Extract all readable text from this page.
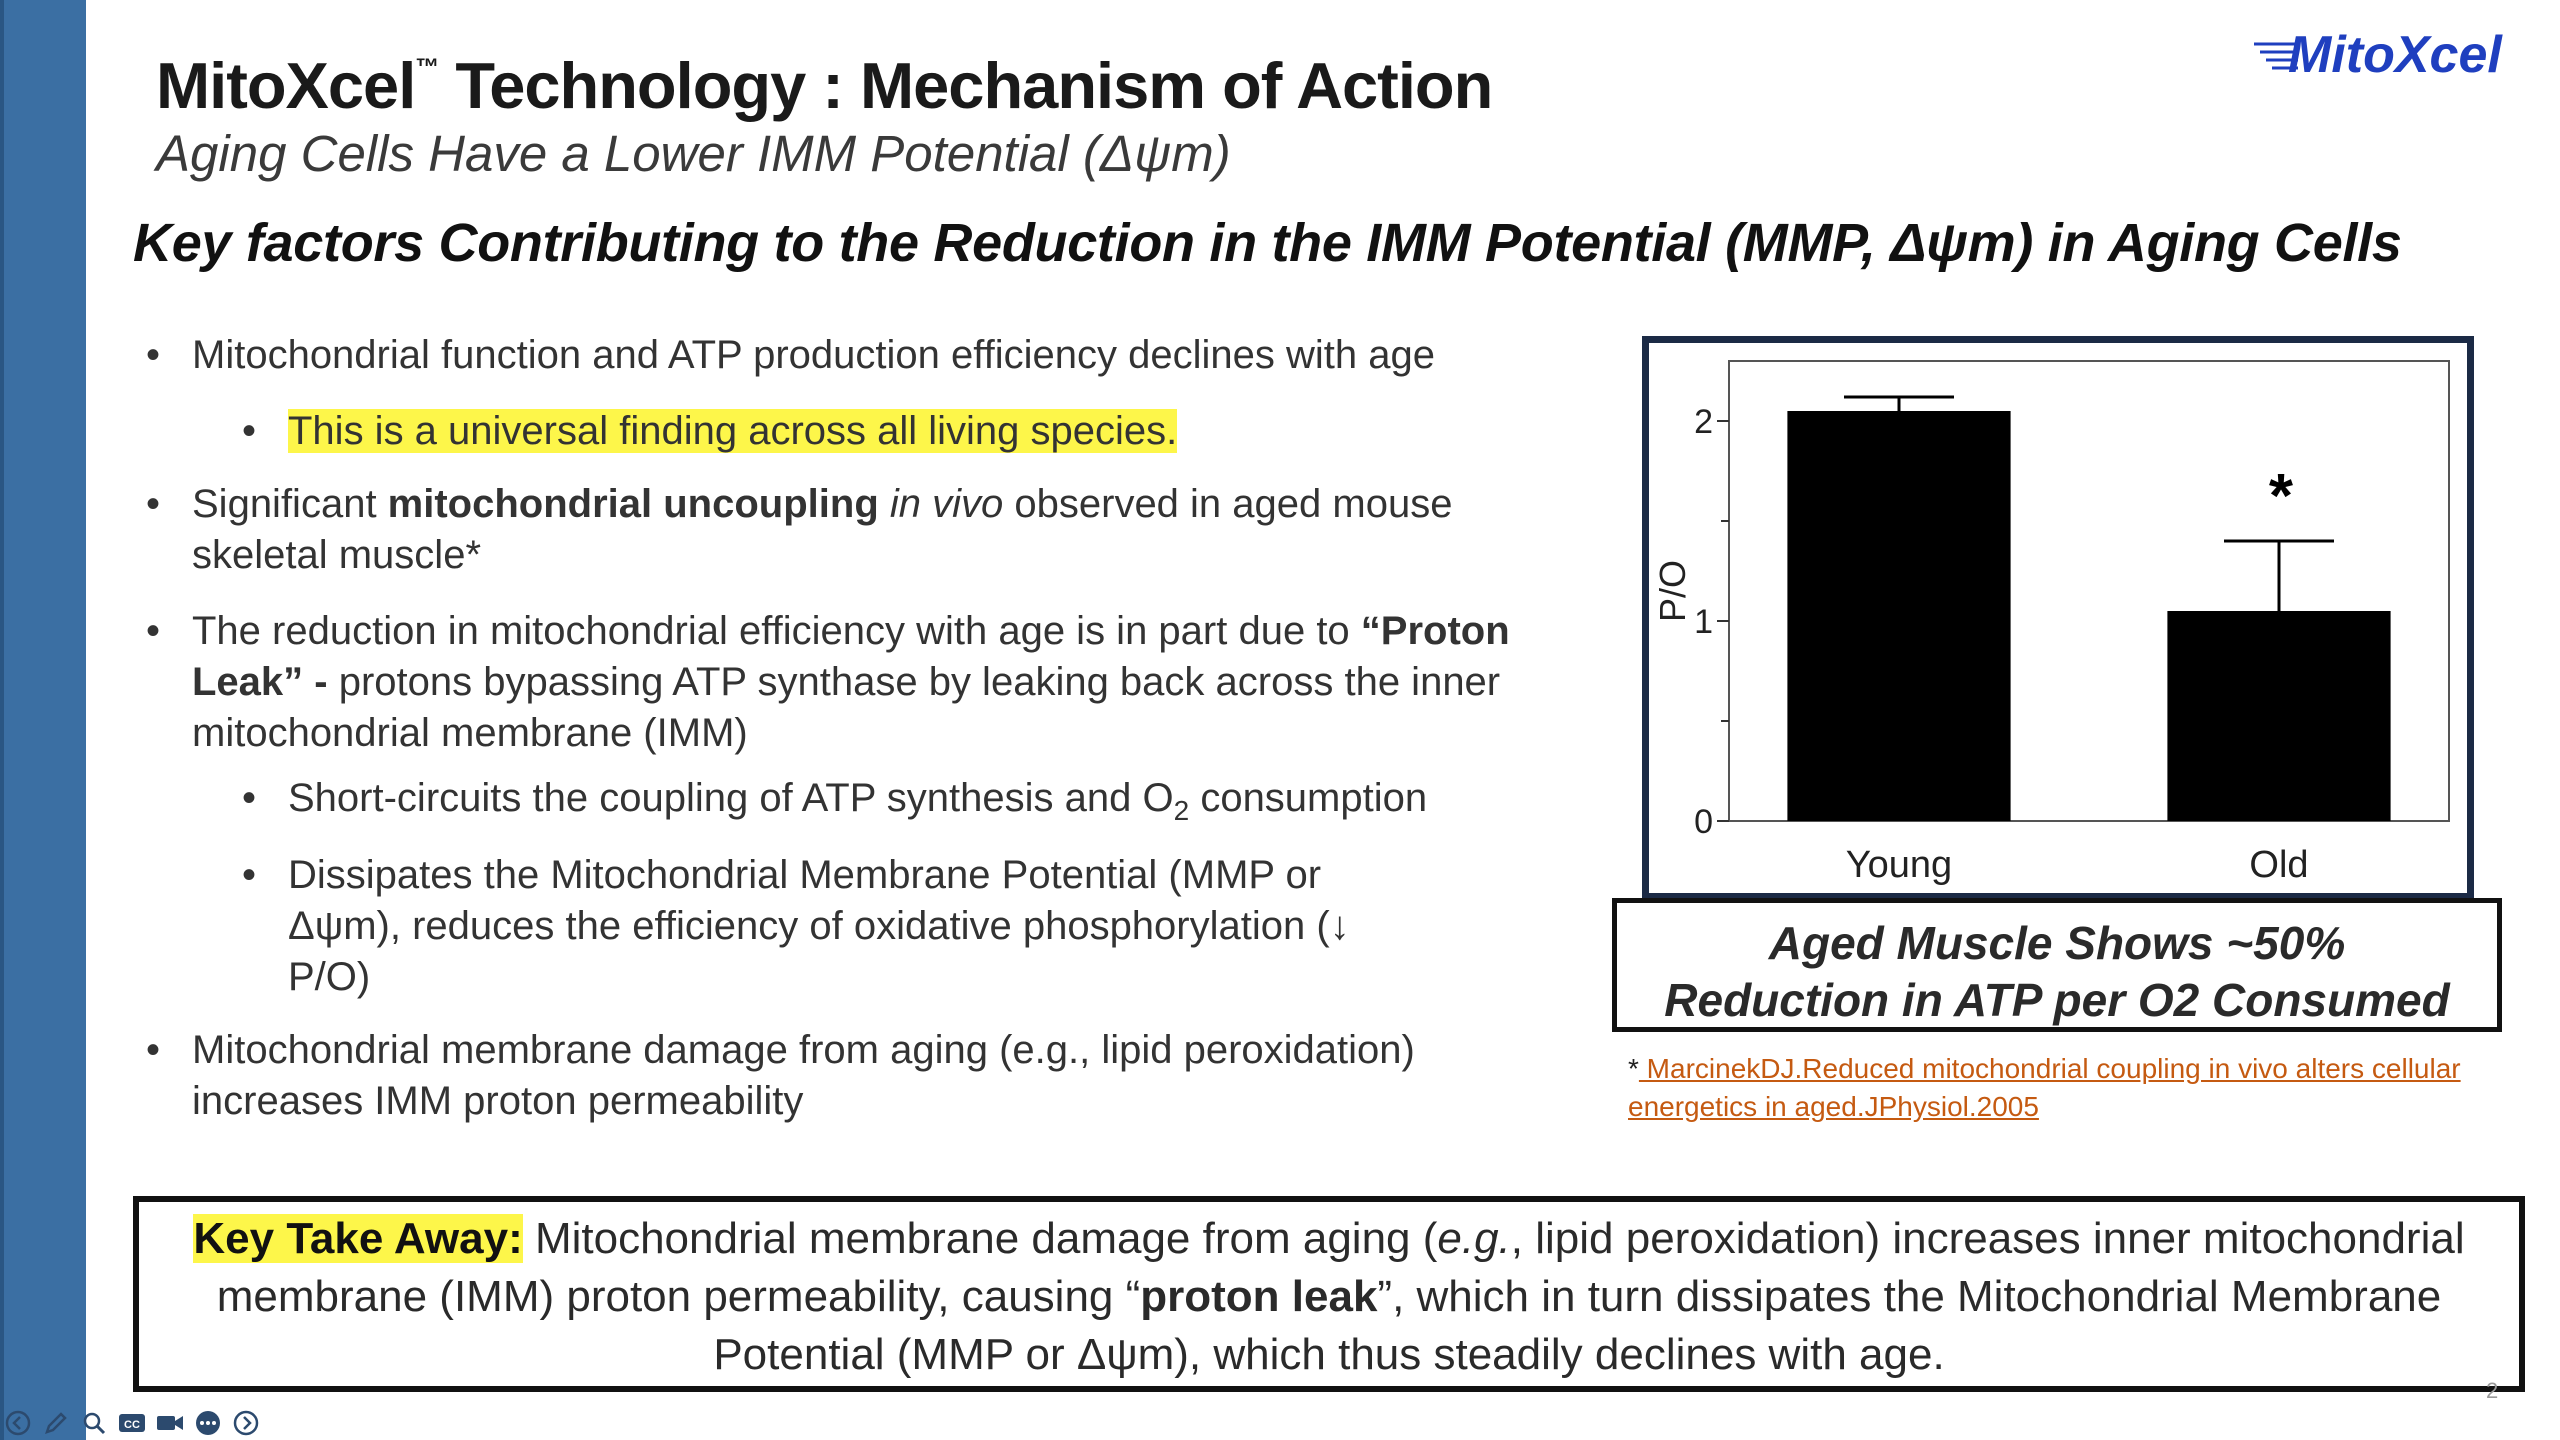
MitoXcel™ Technology : Mechanism of Action
Aging Cells Have a Lower IMM Potential (Δψm)
MitoXcel
Key factors Contributing to the Reduction in the IMM Potential (MMP, Δψm) in Aging Cells
• Mitochondrial function and ATP production efficiency declines with age
• This is a universal finding across all living species.
• Significant mitochondrial uncoupling in vivo observed in aged mouse skeletal muscle*
• The reduction in mitochondrial efficiency with age is in part due to “Proton Leak” - protons bypassing ATP synthase by leaking back across the inner mitochondrial membrane (IMM)
• Short-circuits the coupling of ATP synthesis and $O_2$ consumption
• Dissipates the Mitochondrial Membrane Potential (MMP or Δψm), reduces the efficiency of oxidative phosphorylation (↓ P/O)
• Mitochondrial membrane damage from aging (e.g., lipid peroxidation) increases IMM proton permeability
0
1
2
P/O
Young	Old
*
Aged Muscle Shows ~50%
Reduction in ATP per O2 Consumed
* MarcinekDJ.Reduced mitochondrial coupling in vivo alters cellular energetics in aged.JPhysiol.2005
Key Take Away: Mitochondrial membrane damage from aging (e.g., lipid peroxidation) increases inner mitochondrial membrane (IMM) proton permeability, causing “proton leak”, which in turn dissipates the Mitochondrial Membrane Potential (MMP or Δψm), which thus steadily declines with age.
2
CC
